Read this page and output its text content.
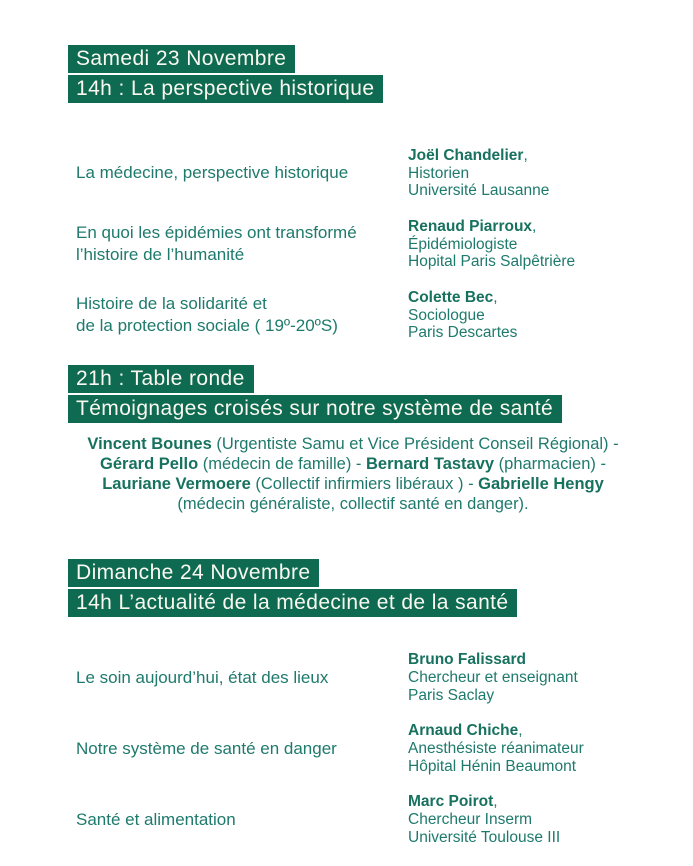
Samedi 23 Novembre
14h : La perspective historique
La médecine, perspective historique
Joël Chandelier,
Historien
Université Lausanne
En quoi les épidémies ont transformé
l’histoire de l’humanité
Renaud Piarroux,
Épidémiologiste
Hopital Paris Salpêtrière
Histoire de la solidarité et
de la protection sociale ( 19º-20ºS)
Colette Bec,
Sociologue
Paris Descartes
21h : Table ronde
Témoignages croisés sur notre système de santé

Vincent Bounes (Urgentiste Samu et Vice Président Conseil Régional) - Gérard Pello (médecin de famille) - Bernard Tastavy (pharmacien) - Lauriane Vermoere (Collectif infirmiers libéraux ) - Gabrielle Hengy (médecin généraliste, collectif santé en danger).

Dimanche 24 Novembre
14h L’actualité de la médecine et de la santé
Le soin aujourd’hui, état des lieux
Bruno Falissard
Chercheur et enseignant
Paris Saclay
Notre système de santé en danger
Arnaud Chiche,
Anesthésiste réanimateur
Hôpital Hénin Beaumont
Santé et alimentation
Marc Poirot,
Chercheur Inserm
Université Toulouse III
